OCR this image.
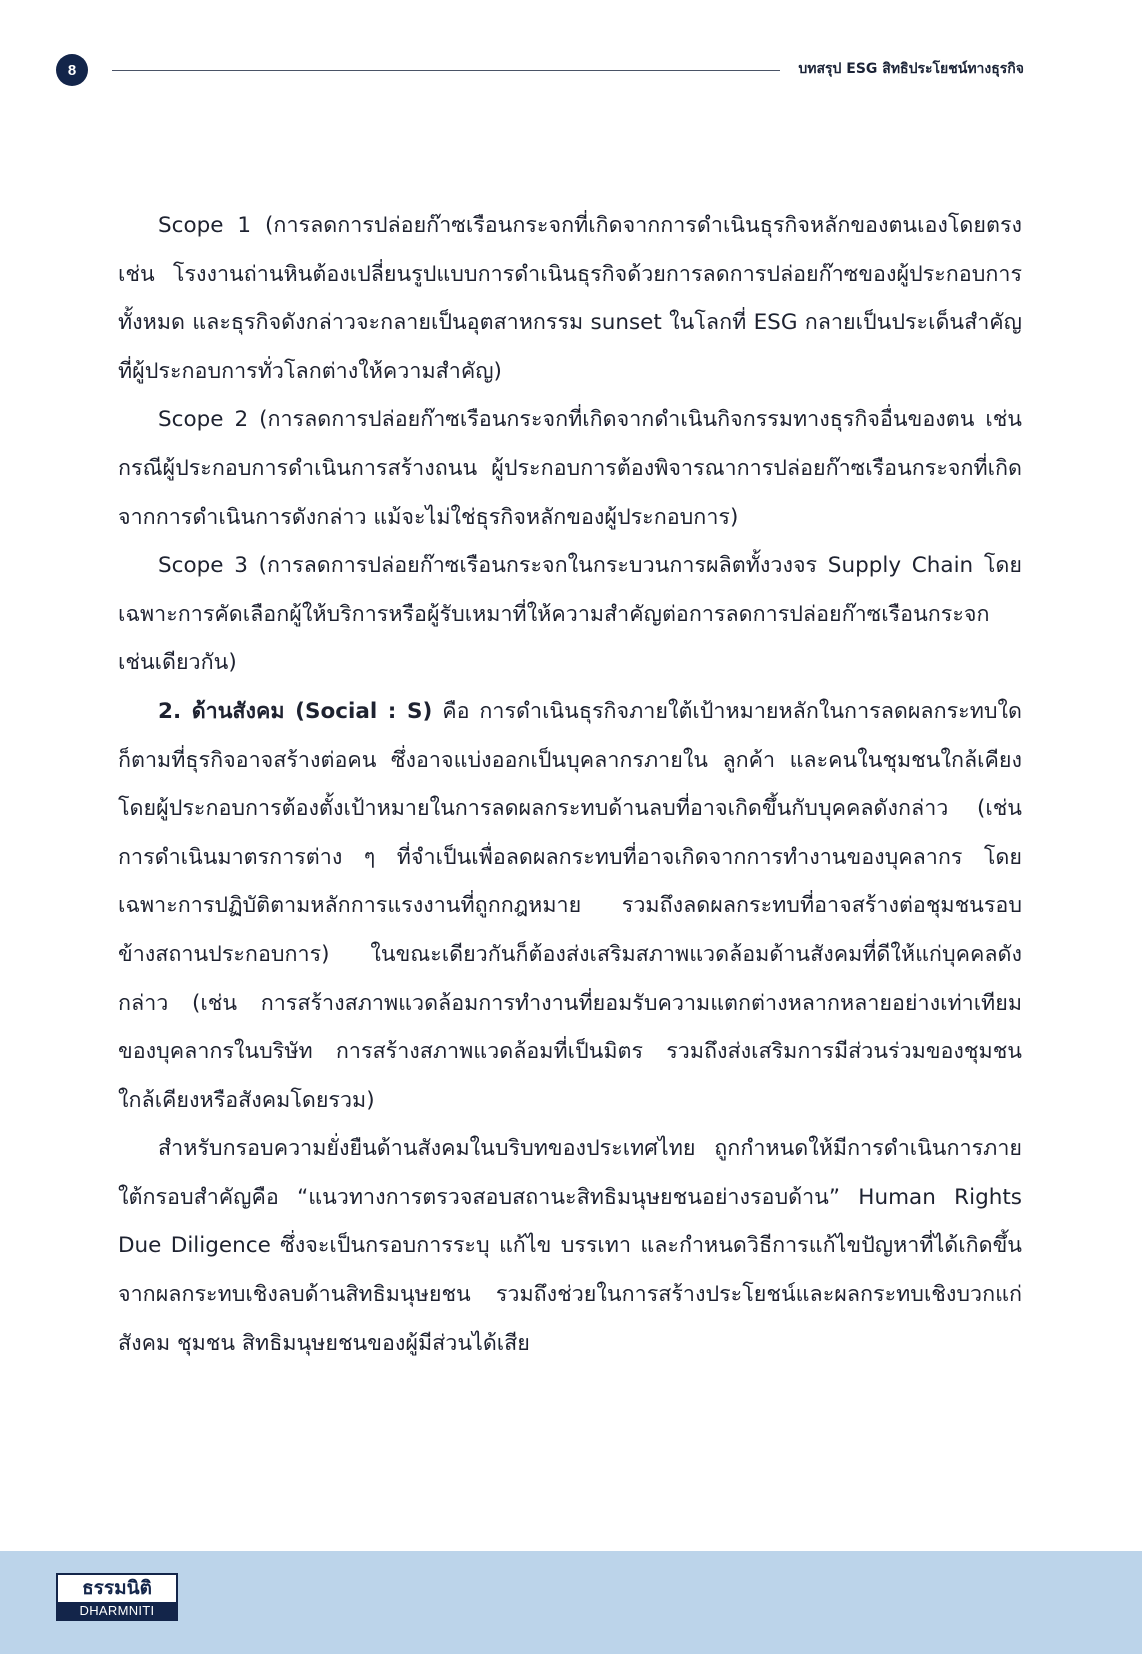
8	บทสรุป ESG สิทธิประโยชน์ทางธุรกิจ

Scope 1 (การลดการปล่อยก๊าซเรือนกระจกที่เกิดจากการดำเนินธุรกิจหลักของตนเองโดยตรง เช่น โรงงานถ่านหินต้องเปลี่ยนรูปแบบการดำเนินธุรกิจด้วยการลดการปล่อยก๊าซของผู้ประกอบการทั้งหมด และธุรกิจดังกล่าวจะกลายเป็นอุตสาหกรรม sunset ในโลกที่ ESG กลายเป็นประเด็นสำคัญที่ผู้ประกอบการทั่วโลกต่างให้ความสำคัญ)

Scope 2 (การลดการปล่อยก๊าซเรือนกระจกที่เกิดจากดำเนินกิจกรรมทางธุรกิจอื่นของตน เช่น กรณีผู้ประกอบการดำเนินการสร้างถนน ผู้ประกอบการต้องพิจารณาการปล่อยก๊าซเรือนกระจกที่เกิดจากการดำเนินการดังกล่าว แม้จะไม่ใช่ธุรกิจหลักของผู้ประกอบการ)

Scope 3 (การลดการปล่อยก๊าซเรือนกระจกในกระบวนการผลิตทั้งวงจร Supply Chain โดยเฉพาะการคัดเลือกผู้ให้บริการหรือผู้รับเหมาที่ให้ความสำคัญต่อการลดการปล่อยก๊าซเรือนกระจกเช่นเดียวกัน)

2. ด้านสังคม (Social : S) คือ การดำเนินธุรกิจภายใต้เป้าหมายหลักในการลดผลกระทบใดก็ตามที่ธุรกิจอาจสร้างต่อคน ซึ่งอาจแบ่งออกเป็นบุคลากรภายใน ลูกค้า และคนในชุมชนใกล้เคียง โดยผู้ประกอบการต้องตั้งเป้าหมายในการลดผลกระทบด้านลบที่อาจเกิดขึ้นกับบุคคลดังกล่าว (เช่น การดำเนินมาตรการต่าง ๆ ที่จำเป็นเพื่อลดผลกระทบที่อาจเกิดจากการทำงานของบุคลากร โดยเฉพาะการปฏิบัติตามหลักการแรงงานที่ถูกกฎหมาย รวมถึงลดผลกระทบที่อาจสร้างต่อชุมชนรอบข้างสถานประกอบการ) ในขณะเดียวกันก็ต้องส่งเสริมสภาพแวดล้อมด้านสังคมที่ดีให้แก่บุคคลดังกล่าว (เช่น การสร้างสภาพแวดล้อมการทำงานที่ยอมรับความแตกต่างหลากหลายอย่างเท่าเทียมของบุคลากรในบริษัท การสร้างสภาพแวดล้อมที่เป็นมิตร รวมถึงส่งเสริมการมีส่วนร่วมของชุมชนใกล้เคียงหรือสังคมโดยรวม)

สำหรับกรอบความยั่งยืนด้านสังคมในบริบทของประเทศไทย ถูกกำหนดให้มีการดำเนินการภายใต้กรอบสำคัญคือ “แนวทางการตรวจสอบสถานะสิทธิมนุษยชนอย่างรอบด้าน” Human Rights Due Diligence ซึ่งจะเป็นกรอบการระบุ แก้ไข บรรเทา และกำหนดวิธีการแก้ไขปัญหาที่ได้เกิดขึ้นจากผลกระทบเชิงลบด้านสิทธิมนุษยชน รวมถึงช่วยในการสร้างประโยชน์และผลกระทบเชิงบวกแก่สังคม ชุมชน สิทธิมนุษยชนของผู้มีส่วนได้เสีย

ธรรมนิติ
DHARMNITI
